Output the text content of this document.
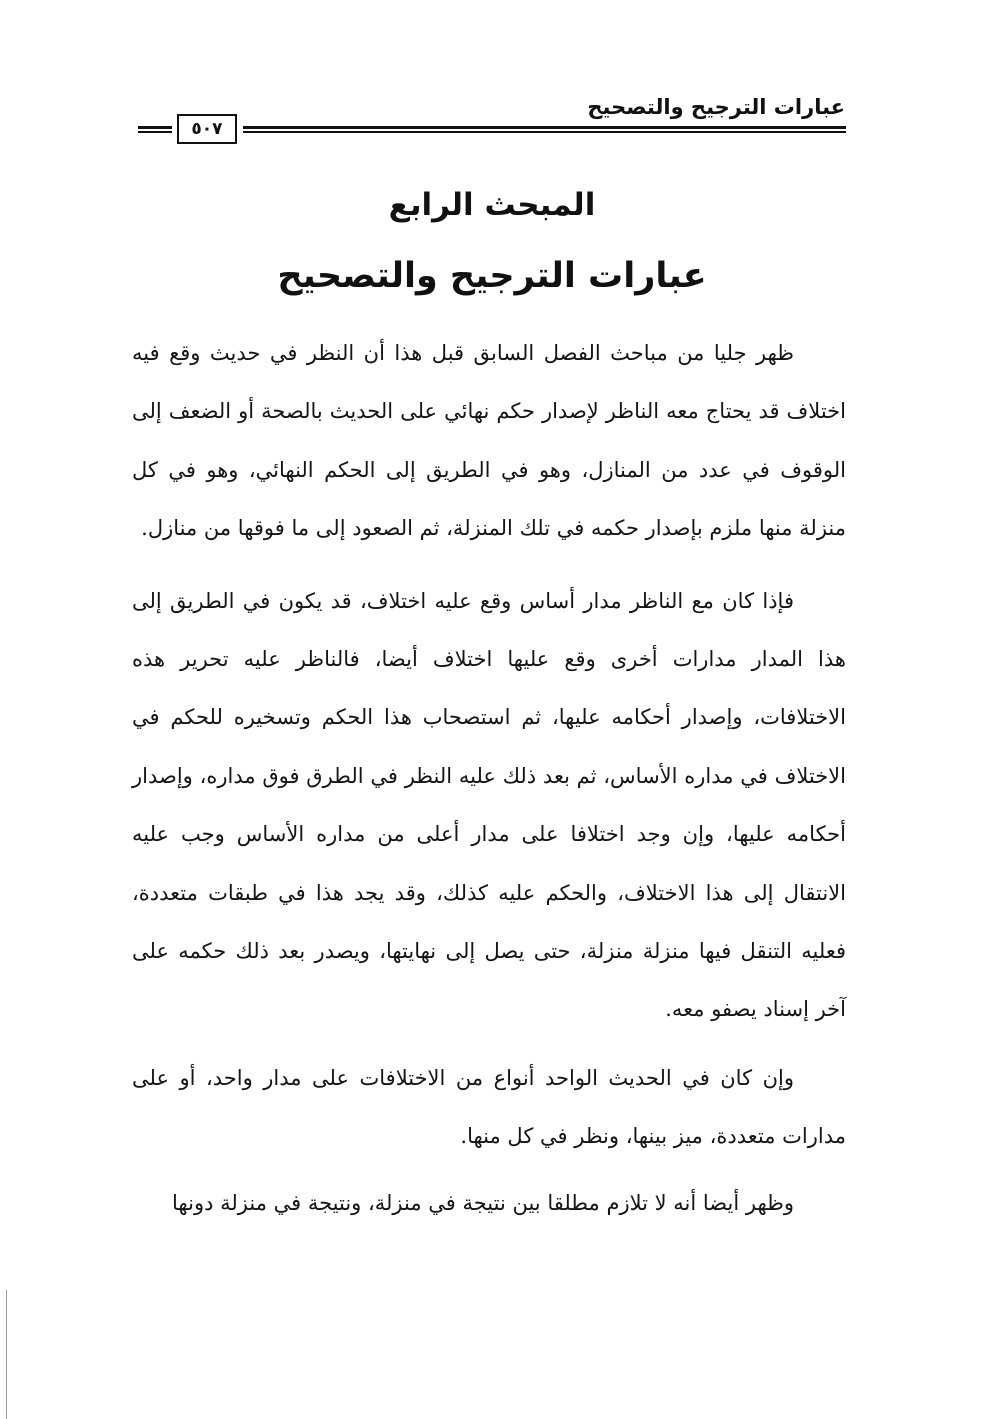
عبارات الترجيح والتصحيح
٥٠٧
المبحث الرابع
عبارات الترجيح والتصحيح

ظهر جليا من مباحث الفصل السابق قبل هذا أن النظر في حديث وقع فيه اختلاف قد يحتاج معه الناظر لإصدار حكم نهائي على الحديث بالصحة أو الضعف إلى الوقوف في عدد من المنازل، وهو في الطريق إلى الحكم النهائي، وهو في كل منزلة منها ملزم بإصدار حكمه في تلك المنزلة، ثم الصعود إلى ما فوقها من منازل.

فإذا كان مع الناظر مدار أساس وقع عليه اختلاف، قد يكون في الطريق إلى هذا المدار مدارات أخرى وقع عليها اختلاف أيضا، فالناظر عليه تحرير هذه الاختلافات، وإصدار أحكامه عليها، ثم استصحاب هذا الحكم وتسخيره للحكم في الاختلاف في مداره الأساس، ثم بعد ذلك عليه النظر في الطرق فوق مداره، وإصدار أحكامه عليها، وإن وجد اختلافا على مدار أعلى من مداره الأساس وجب عليه الانتقال إلى هذا الاختلاف، والحكم عليه كذلك، وقد يجد هذا في طبقات متعددة، فعليه التنقل فيها منزلة منزلة، حتى يصل إلى نهايتها، ويصدر بعد ذلك حكمه على آخر إسناد يصفو معه.

وإن كان في الحديث الواحد أنواع من الاختلافات على مدار واحد، أو على مدارات متعددة، ميز بينها، ونظر في كل منها.

وظهر أيضا أنه لا تلازم مطلقا بين نتيجة في منزلة، ونتيجة في منزلة دونها
